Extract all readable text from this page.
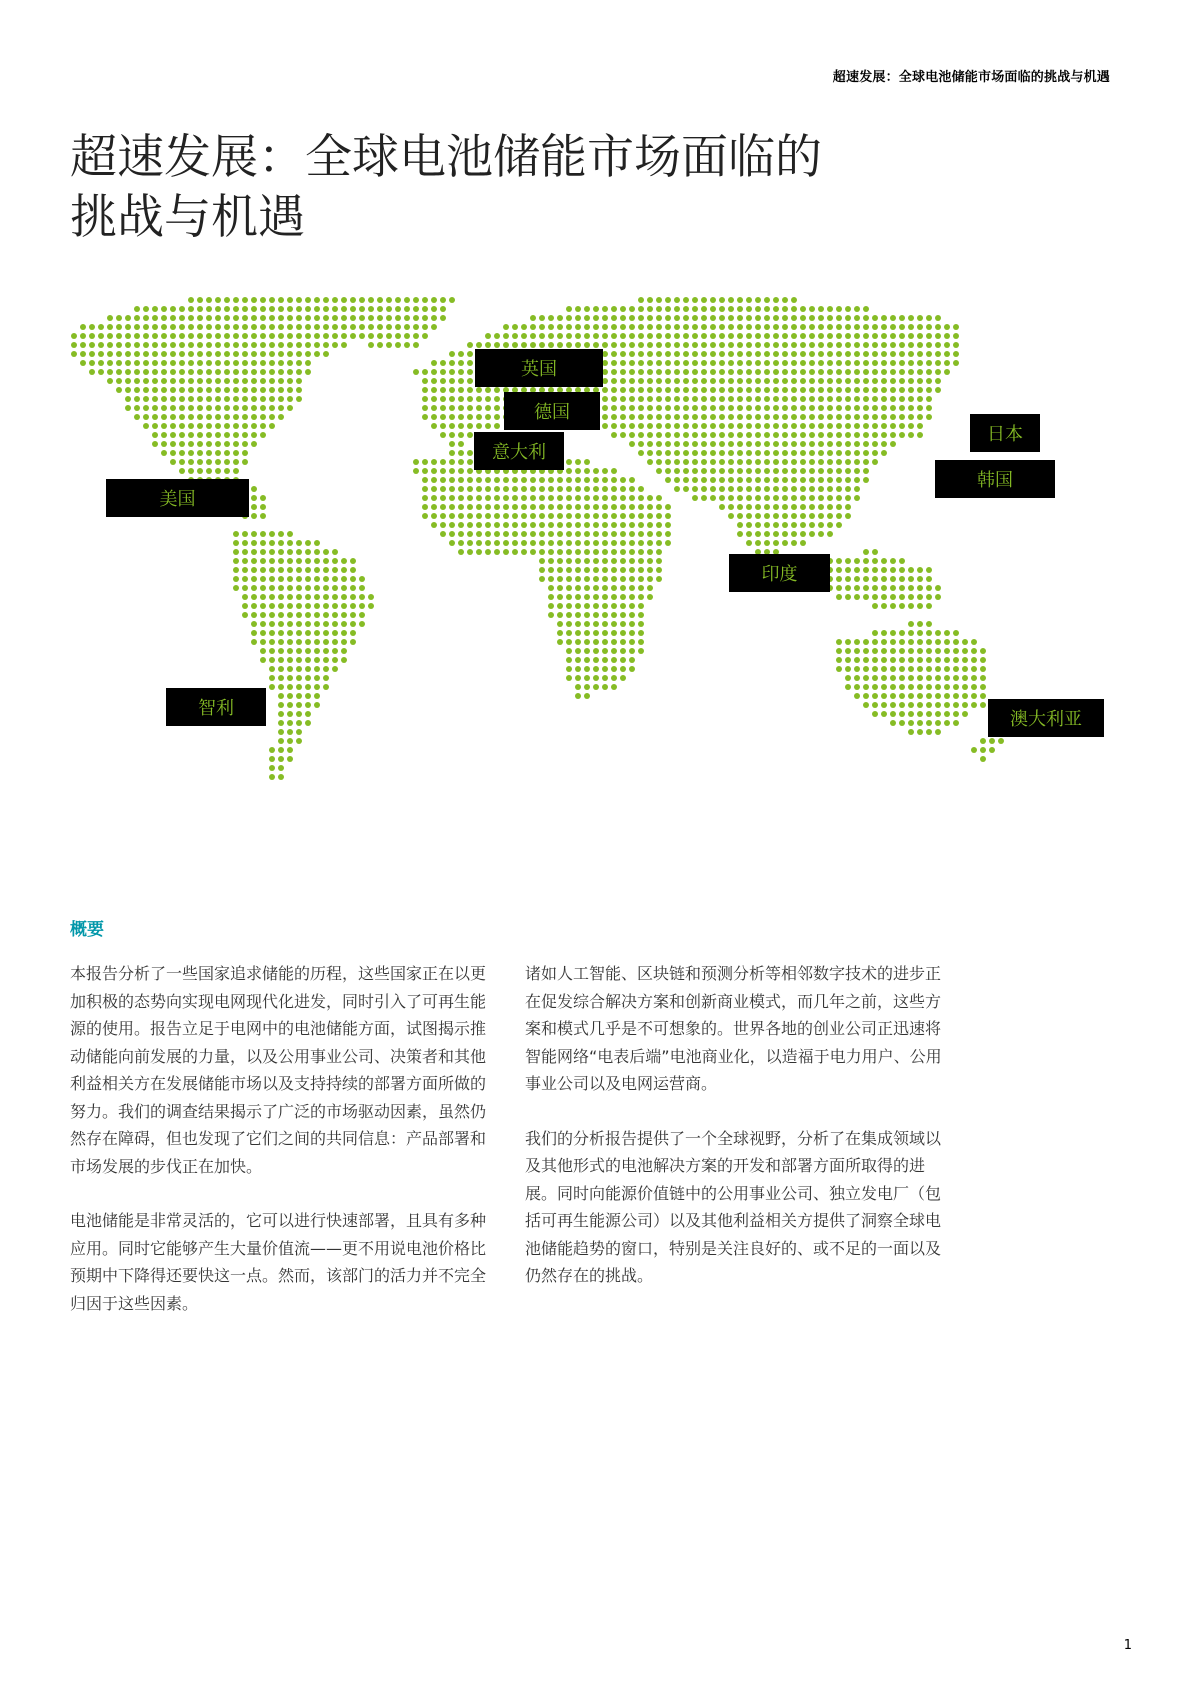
超速发展：全球电池储能市场面临的挑战与机遇
超速发展：全球电池储能市场面临的
挑战与机遇
英国
德国
意大利
美国
日本
韩国
印度
智利
澳大利亚
概要

本报告分析了一些国家追求储能的历程，这些国家正在以更加积极的态势向实现电网现代化进发，同时引入了可再生能源的使用。报告立足于电网中的电池储能方面，试图揭示推动储能向前发展的力量，以及公用事业公司、决策者和其他利益相关方在发展储能市场以及支持持续的部署方面所做的努力。我们的调查结果揭示了广泛的市场驱动因素，虽然仍然存在障碍，但也发现了它们之间的共同信息：产品部署和市场发展的步伐正在加快。

电池储能是非常灵活的，它可以进行快速部署，且具有多种应用。同时它能够产生大量价值流——更不用说电池价格比预期中下降得还要快这一点。然而，该部门的活力并不完全归因于这些因素。

诸如人工智能、区块链和预测分析等相邻数字技术的进步正在促发综合解决方案和创新商业模式，而几年之前，这些方案和模式几乎是不可想象的。世界各地的创业公司正迅速将智能网络“电表后端”电池商业化，以造福于电力用户、公用事业公司以及电网运营商。

我们的分析报告提供了一个全球视野，分析了在集成领域以及其他形式的电池解决方案的开发和部署方面所取得的进展。同时向能源价值链中的公用事业公司、独立发电厂（包括可再生能源公司）以及其他利益相关方提供了洞察全球电池储能趋势的窗口，特别是关注良好的、或不足的一面以及仍然存在的挑战。

1
